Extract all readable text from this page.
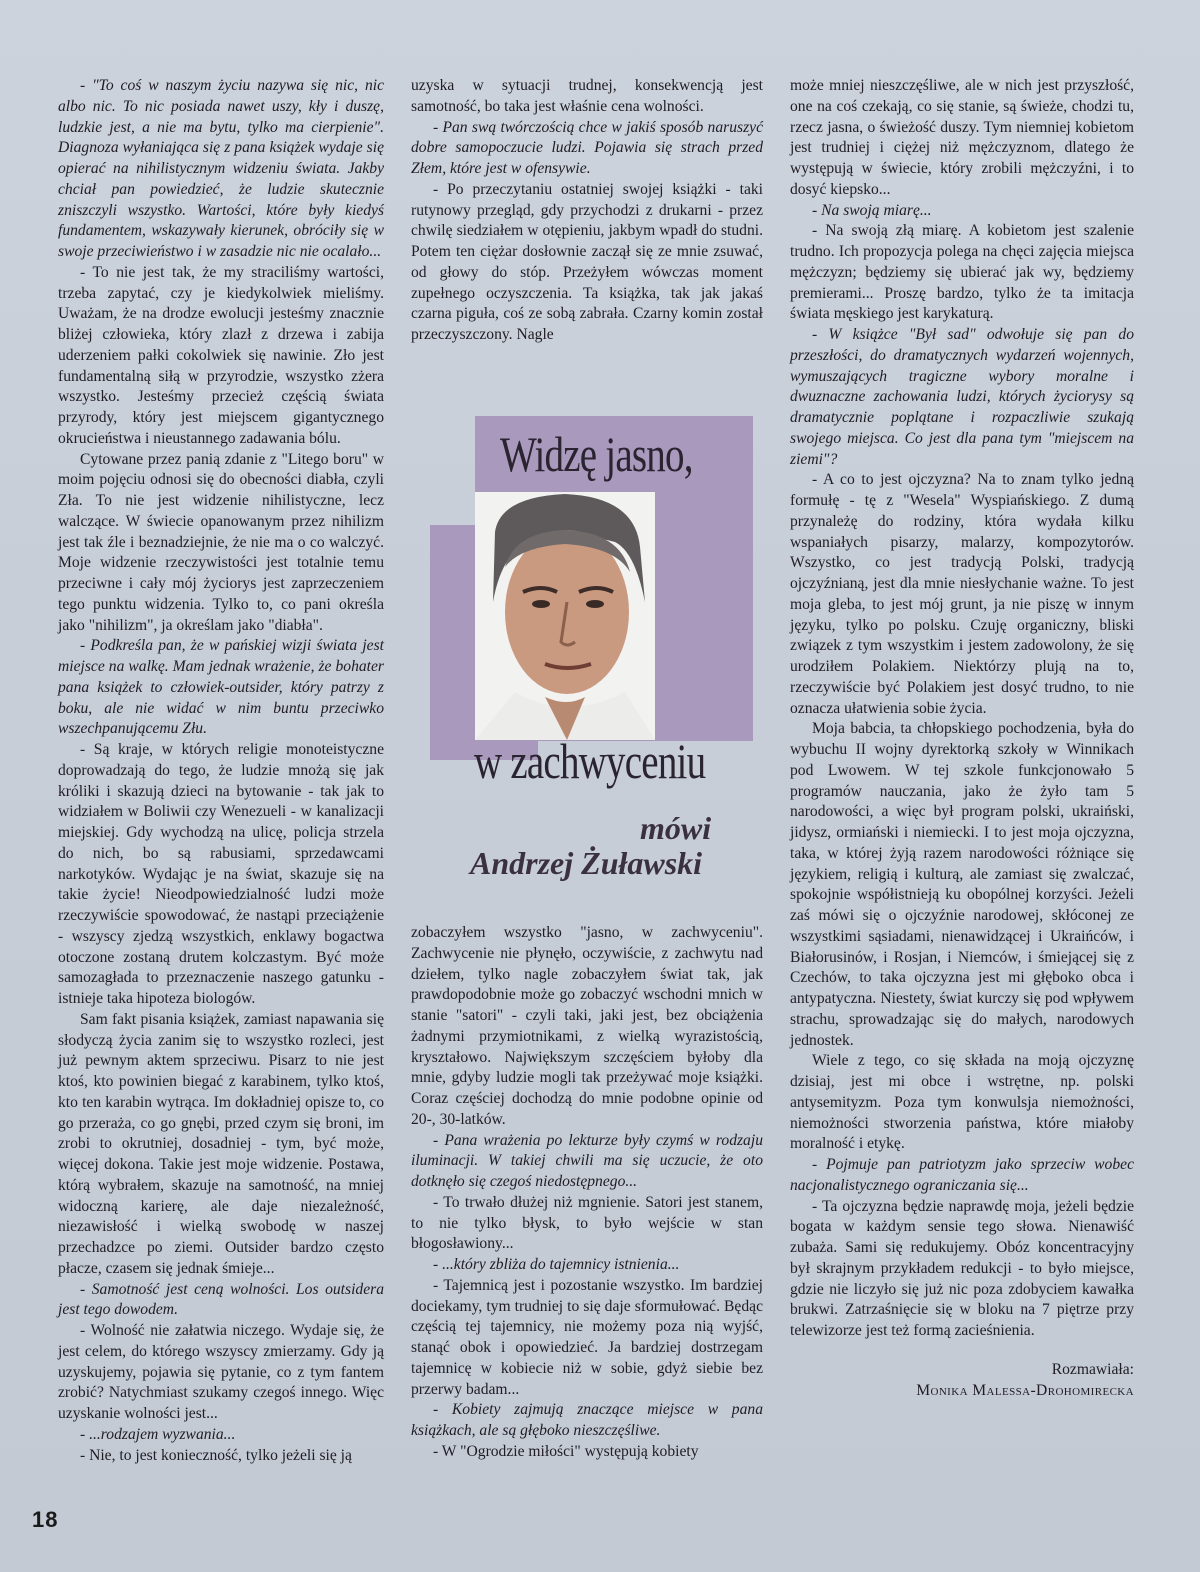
- "To coś w naszym życiu nazywa się nic, nic albo nic. To nic posiada nawet uszy, kły i duszę, ludzkie jest, a nie ma bytu, tylko ma cierpienie". Diagnoza wyłaniająca się z pana książek wydaje się opierać na nihilistycznym widzeniu świata. Jakby chciał pan powiedzieć, że ludzie skutecznie zniszczyli wszystko. Wartości, które były kiedyś fundamentem, wskazywały kierunek, obróciły się w swoje przeciwieństwo i w zasadzie nic nie ocalało...

- To nie jest tak, że my straciliśmy wartości, trzeba zapytać, czy je kiedykolwiek mieliśmy. Uważam, że na drodze ewolucji jesteśmy znacznie bliżej człowieka, który zlazł z drzewa i zabija uderzeniem pałki cokolwiek się nawinie. Zło jest fundamentalną siłą w przyrodzie, wszystko zżera wszystko. Jesteśmy przecież częścią świata przyrody, który jest miejscem gigantycznego okrucieństwa i nieustannego zadawania bólu.

Cytowane przez panią zdanie z "Litego boru" w moim pojęciu odnosi się do obecności diabła, czyli Zła. To nie jest widzenie nihilistyczne, lecz walczące. W świecie opanowanym przez nihilizm jest tak źle i beznadziejnie, że nie ma o co walczyć. Moje widzenie rzeczywistości jest totalnie temu przeciwne i cały mój życiorys jest zaprzeczeniem tego punktu widzenia. Tylko to, co pani określa jako "nihilizm", ja określam jako "diabła".

- Podkreśla pan, że w pańskiej wizji świata jest miejsce na walkę. Mam jednak wrażenie, że bohater pana książek to człowiek-outsider, który patrzy z boku, ale nie widać w nim buntu przeciwko wszechpanującemu Złu.

- Są kraje, w których religie monoteistyczne doprowadzają do tego, że ludzie mnożą się jak króliki i skazują dzieci na bytowanie - tak jak to widziałem w Boliwii czy Wenezueli - w kanalizacji miejskiej. Gdy wychodzą na ulicę, policja strzela do nich, bo są rabusiami, sprzedawcami narkotyków. Wydając je na świat, skazuje się na takie życie! Nieodpowiedzialność ludzi może rzeczywiście spowodować, że nastąpi przeciążenie - wszyscy zjedzą wszystkich, enklawy bogactwa otoczone zostaną drutem kolczastym. Być może samozagłada to przeznaczenie naszego gatunku - istnieje taka hipoteza biologów.

Sam fakt pisania książek, zamiast napawania się słodyczą życia zanim się to wszystko rozleci, jest już pewnym aktem sprzeciwu. Pisarz to nie jest ktoś, kto powinien biegać z karabinem, tylko ktoś, kto ten karabin wytrąca. Im dokładniej opisze to, co go przeraża, co go gnębi, przed czym się broni, im zrobi to okrutniej, dosadniej - tym, być może, więcej dokona. Takie jest moje widzenie. Postawa, którą wybrałem, skazuje na samotność, na mniej widoczną karierę, ale daje niezależność, niezawisłość i wielką swobodę w naszej przechadzce po ziemi. Outsider bardzo często płacze, czasem się jednak śmieje...

- Samotność jest ceną wolności. Los outsidera jest tego dowodem.

- Wolność nie załatwia niczego. Wydaje się, że jest celem, do którego wszyscy zmierzamy. Gdy ją uzyskujemy, pojawia się pytanie, co z tym fantem zrobić? Natychmiast szukamy czegoś innego. Więc uzyskanie wolności jest...

- ...rodzajem wyzwania...

- Nie, to jest konieczność, tylko jeżeli się ją

uzyska w sytuacji trudnej, konsekwencją jest samotność, bo taka jest właśnie cena wolności.

- Pan swą twórczością chce w jakiś sposób naruszyć dobre samopoczucie ludzi. Pojawia się strach przed Złem, które jest w ofensywie.

- Po przeczytaniu ostatniej swojej książki - taki rutynowy przegląd, gdy przychodzi z drukarni - przez chwilę siedziałem w otępieniu, jakbym wpadł do studni. Potem ten ciężar dosłownie zaczął się ze mnie zsuwać, od głowy do stóp. Przeżyłem wówczas moment zupełnego oczyszczenia. Ta książka, tak jak jakaś czarna piguła, coś ze sobą zabrała. Czarny komin został przeczyszczony. Nagle

zobaczyłem wszystko "jasno, w zachwyceniu". Zachwycenie nie płynęło, oczywiście, z zachwytu nad dziełem, tylko nagle zobaczyłem świat tak, jak prawdopodobnie może go zobaczyć wschodni mnich w stanie "satori" - czyli taki, jaki jest, bez obciążenia żadnymi przymiotnikami, z wielką wyrazistością, kryształowo. Największym szczęściem byłoby dla mnie, gdyby ludzie mogli tak przeżywać moje książki. Coraz częściej dochodzą do mnie podobne opinie od 20-, 30-latków.

- Pana wrażenia po lekturze były czymś w rodzaju iluminacji. W takiej chwili ma się uczucie, że oto dotknęło się czegoś niedostępnego...

- To trwało dłużej niż mgnienie. Satori jest stanem, to nie tylko błysk, to było wejście w stan błogosławiony...

- ...który zbliża do tajemnicy istnienia...

- Tajemnicą jest i pozostanie wszystko. Im bardziej dociekamy, tym trudniej to się daje sformułować. Będąc częścią tej tajemnicy, nie możemy poza nią wyjść, stanąć obok i opowiedzieć. Ja bardziej dostrzegam tajemnicę w kobiecie niż w sobie, gdyż siebie bez przerwy badam...

- Kobiety zajmują znaczące miejsce w pana książkach, ale są głęboko nieszczęśliwe.

- W "Ogrodzie miłości" występują kobiety

może mniej nieszczęśliwe, ale w nich jest przyszłość, one na coś czekają, co się stanie, są świeże, chodzi tu, rzecz jasna, o świeżość duszy. Tym niemniej kobietom jest trudniej i ciężej niż mężczyznom, dlatego że występują w świecie, który zrobili mężczyźni, i to dosyć kiepsko...

- Na swoją miarę...

- Na swoją złą miarę. A kobietom jest szalenie trudno. Ich propozycja polega na chęci zajęcia miejsca mężczyzn; będziemy się ubierać jak wy, będziemy premierami... Proszę bardzo, tylko że ta imitacja świata męskiego jest karykaturą.

- W książce "Był sad" odwołuje się pan do przeszłości, do dramatycznych wydarzeń wojennych, wymuszających tragiczne wybory moralne i dwuznaczne zachowania ludzi, których życiorysy są dramatycznie poplątane i rozpaczliwie szukają swojego miejsca. Co jest dla pana tym "miejscem na ziemi"?

- A co to jest ojczyzna? Na to znam tylko jedną formułę - tę z "Wesela" Wyspiańskiego. Z dumą przynależę do rodziny, która wydała kilku wspaniałych pisarzy, malarzy, kompozytorów. Wszystko, co jest tradycją Polski, tradycją ojczyźnianą, jest dla mnie niesłychanie ważne. To jest moja gleba, to jest mój grunt, ja nie piszę w innym języku, tylko po polsku. Czuję organiczny, bliski związek z tym wszystkim i jestem zadowolony, że się urodziłem Polakiem. Niektórzy plują na to, rzeczywiście być Polakiem jest dosyć trudno, to nie oznacza ułatwienia sobie życia.

Moja babcia, ta chłopskiego pochodzenia, była do wybuchu II wojny dyrektorką szkoły w Winnikach pod Lwowem. W tej szkole funkcjonowało 5 programów nauczania, jako że żyło tam 5 narodowości, a więc był program polski, ukraiński, jidysz, ormiański i niemiecki. I to jest moja ojczyzna, taka, w której żyją razem narodowości różniące się językiem, religią i kulturą, ale zamiast się zwalczać, spokojnie współistnieją ku obopólnej korzyści. Jeżeli zaś mówi się o ojczyźnie narodowej, skłóconej ze wszystkimi sąsiadami, nienawidzącej i Ukraińców, i Białorusinów, i Rosjan, i Niemców, i śmiejącej się z Czechów, to taka ojczyzna jest mi głęboko obca i antypatyczna. Niestety, świat kurczy się pod wpływem strachu, sprowadzając się do małych, narodowych jednostek.

Wiele z tego, co się składa na moją ojczyznę dzisiaj, jest mi obce i wstrętne, np. polski antysemityzm. Poza tym konwulsja niemożności, niemożności stworzenia państwa, które miałoby moralność i etykę.

- Pojmuje pan patriotyzm jako sprzeciw wobec nacjonalistycznego ograniczania się...

- Ta ojczyzna będzie naprawdę moja, jeżeli będzie bogata w każdym sensie tego słowa. Nienawiść zubaża. Sami się redukujemy. Obóz koncentracyjny był skrajnym przykładem redukcji - to było miejsce, gdzie nie liczyło się już nic poza zdobyciem kawałka brukwi. Zatrzaśnięcie się w bloku na 7 piętrze przy telewizorze jest też formą zacieśnienia.

Rozmawiała:
Monika Malessa-Drohomirecka
Widzę jasno,
w zachwyceniu
mówi
Andrzej Żuławski
18
